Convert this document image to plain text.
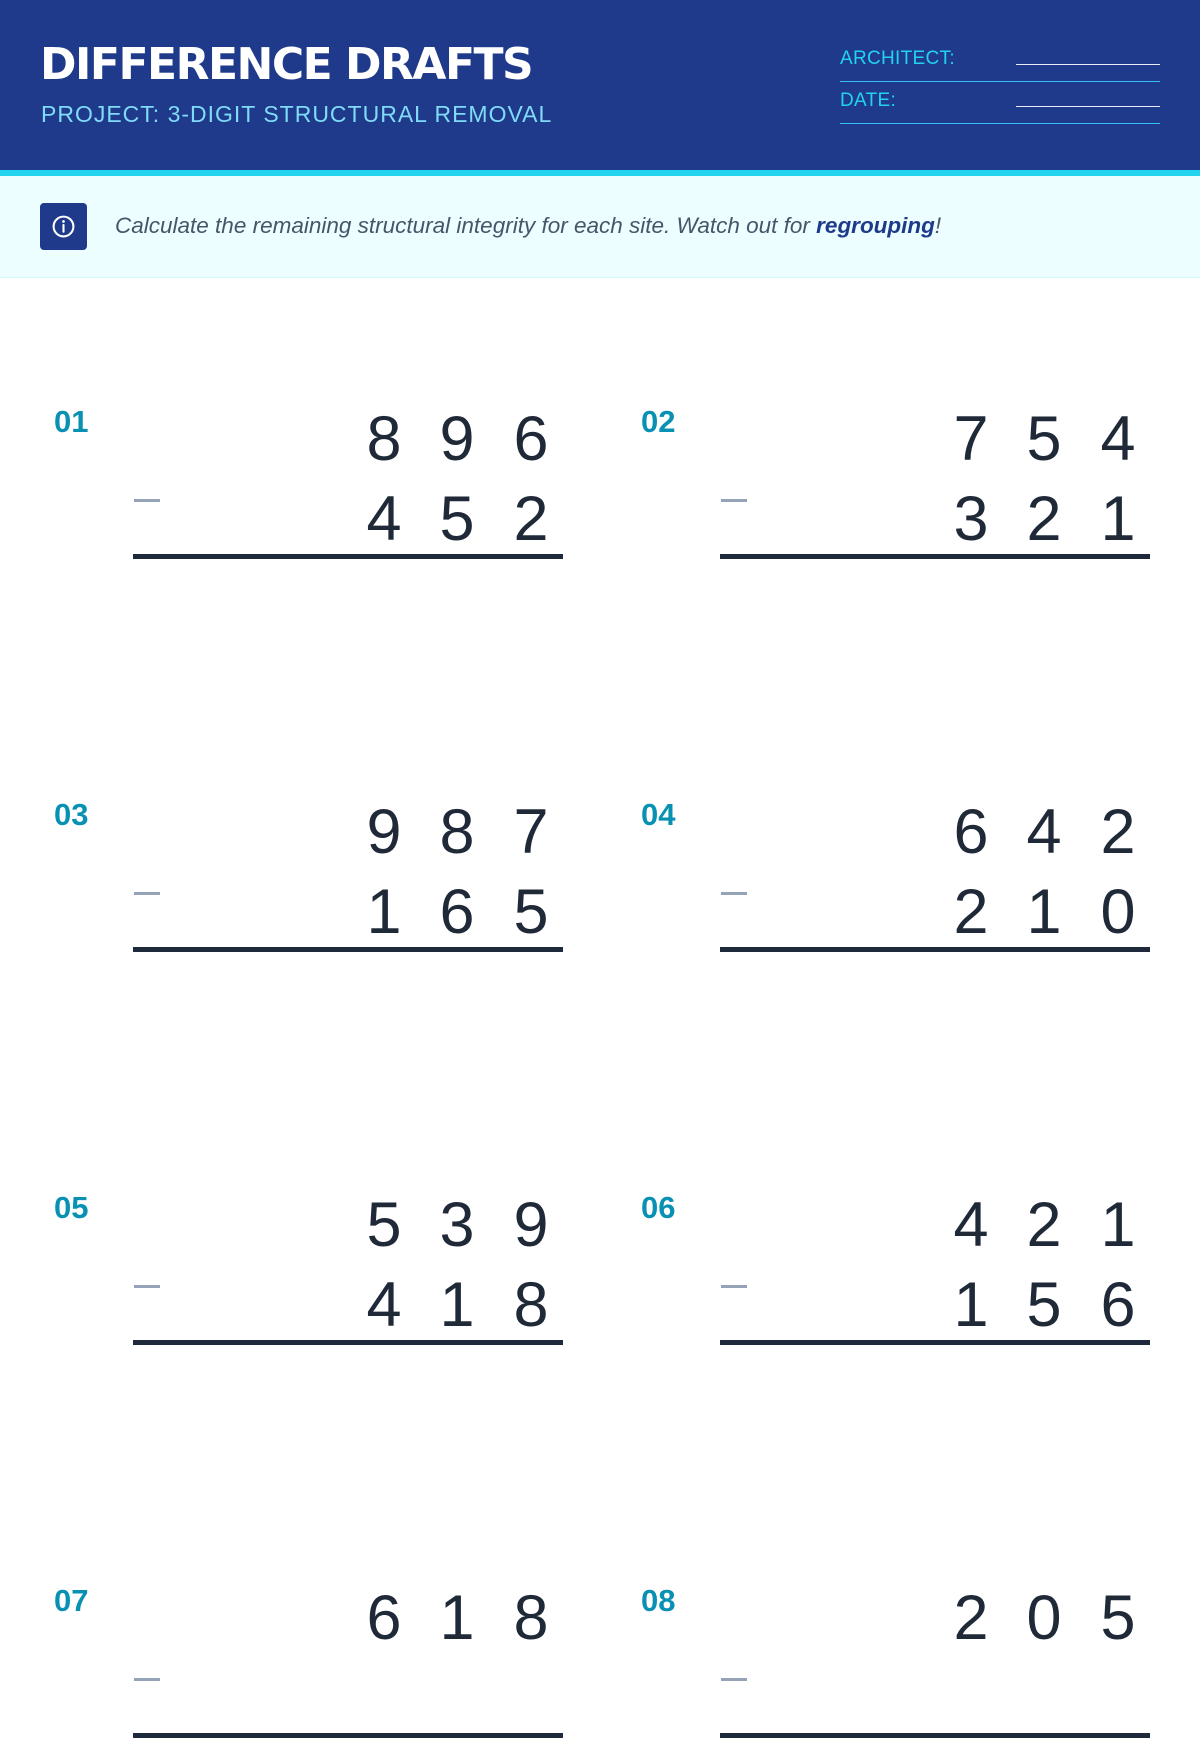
DIFFERENCE DRAFTS
PROJECT: 3-DIGIT STRUCTURAL REMOVAL
ARCHITECT:
DATE:
Calculate the remaining structural integrity for each site. Watch out for regrouping!
01	8 9 6
4 5 2
02	7 5 4
3 2 1
03	9 8 7
1 6 5
04	6 4 2
2 1 0
05	5 3 9
4 1 8
06	4 2 1
1 5 6
07	6 1 8	08	2 0 5
